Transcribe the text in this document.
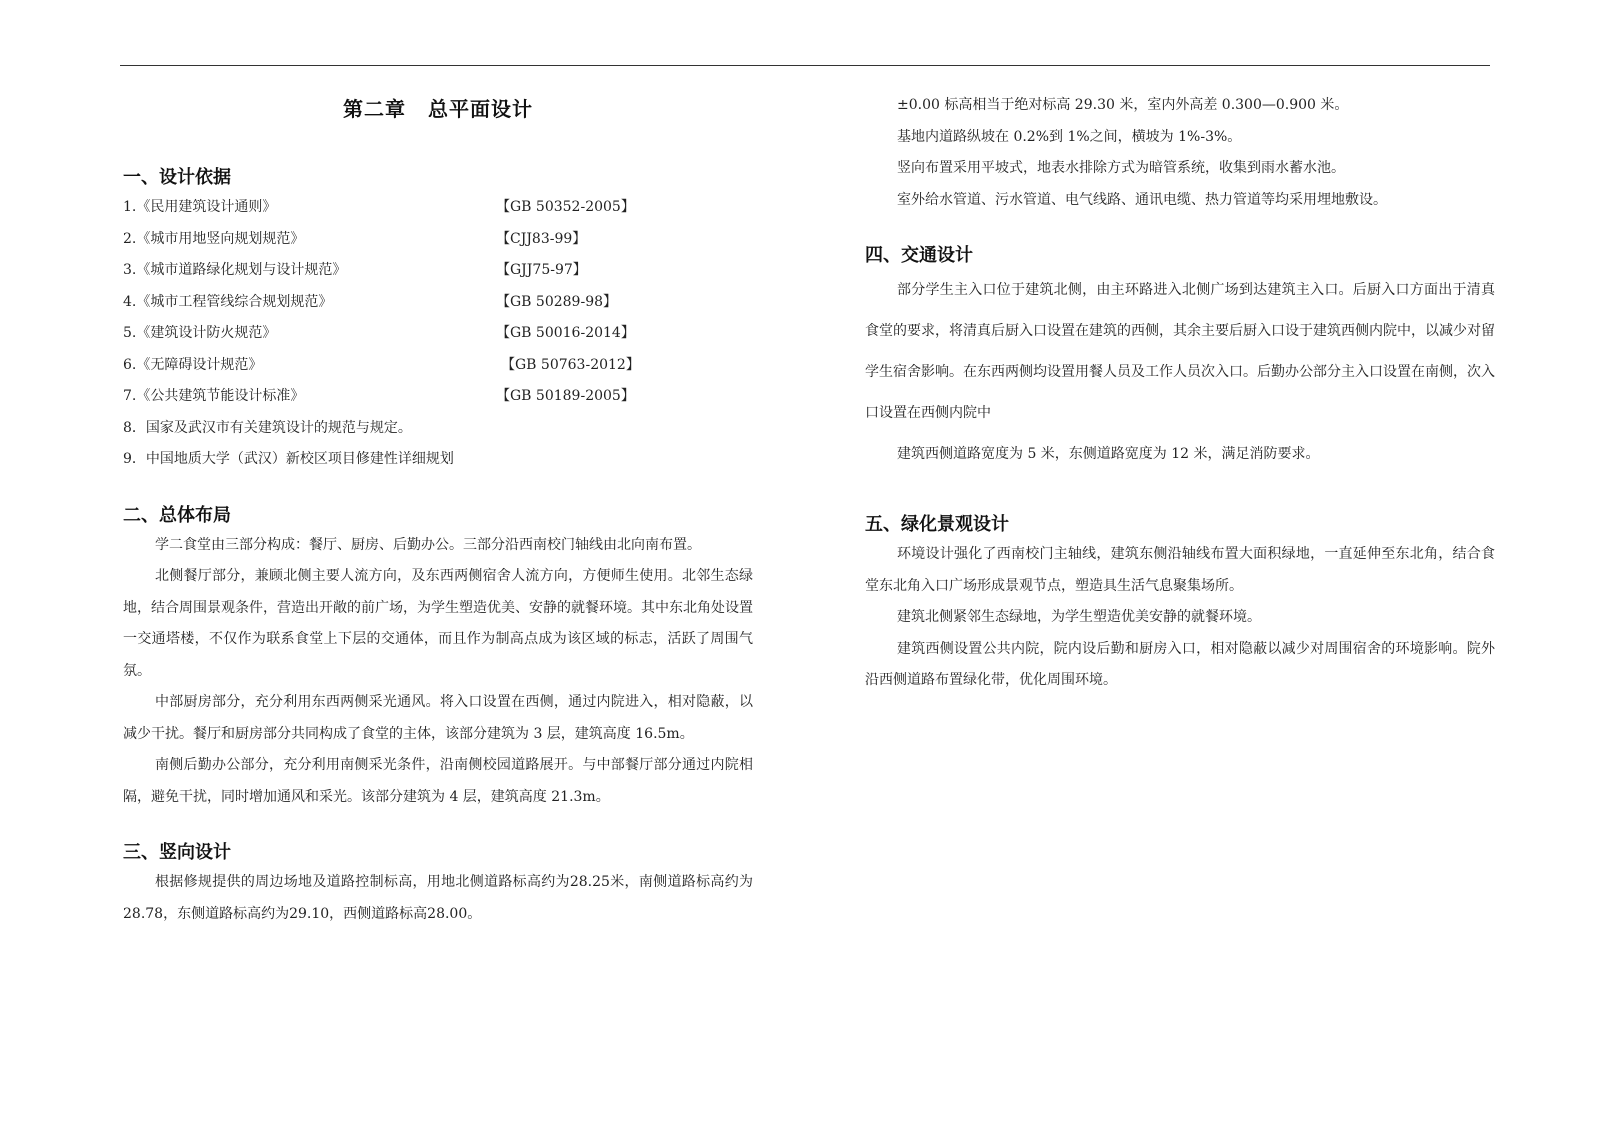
第二章 总平面设计
一、设计依据
1.《民用建筑设计通则》	【GB 50352-2005】
2.《城市用地竖向规划规范》	【CJJ83-99】
3.《城市道路绿化规划与设计规范》	【GJJ75-97】
4.《城市工程管线综合规划规范》	【GB 50289-98】
5.《建筑设计防火规范》	【GB 50016-2014】
6.《无障碍设计规范》	【GB 50763-2012】
7.《公共建筑节能设计标准》	【GB 50189-2005】
8．国家及武汉市有关建筑设计的规范与规定。
9．中国地质大学（武汉）新校区项目修建性详细规划
二、总体布局

学二食堂由三部分构成：餐厅、厨房、后勤办公。三部分沿西南校门轴线由北向南布置。

北侧餐厅部分，兼顾北侧主要人流方向，及东西两侧宿舍人流方向，方便师生使用。北邻生态绿地，结合周围景观条件，营造出开敞的前广场，为学生塑造优美、安静的就餐环境。其中东北角处设置一交通塔楼，不仅作为联系食堂上下层的交通体，而且作为制高点成为该区域的标志，活跃了周围气氛。

中部厨房部分，充分利用东西两侧采光通风。将入口设置在西侧，通过内院进入，相对隐蔽，以减少干扰。餐厅和厨房部分共同构成了食堂的主体，该部分建筑为 3 层，建筑高度 16.5m。

南侧后勤办公部分，充分利用南侧采光条件，沿南侧校园道路展开。与中部餐厅部分通过内院相隔，避免干扰，同时增加通风和采光。该部分建筑为 4 层，建筑高度 21.3m。

三、竖向设计

根据修规提供的周边场地及道路控制标高，用地北侧道路标高约为28.25米，南侧道路标高约为28.78，东侧道路标高约为29.10，西侧道路标高28.00。

±0.00 标高相当于绝对标高 29.30 米，室内外高差 0.300—0.900 米。

基地内道路纵坡在 0.2%到 1%之间，横坡为 1%-3%。

竖向布置采用平坡式，地表水排除方式为暗管系统，收集到雨水蓄水池。

室外给水管道、污水管道、电气线路、通讯电缆、热力管道等均采用埋地敷设。

四、交通设计

部分学生主入口位于建筑北侧，由主环路进入北侧广场到达建筑主入口。后厨入口方面出于清真食堂的要求，将清真后厨入口设置在建筑的西侧，其余主要后厨入口设于建筑西侧内院中，以减少对留学生宿舍影响。在东西两侧均设置用餐人员及工作人员次入口。后勤办公部分主入口设置在南侧，次入口设置在西侧内院中

建筑西侧道路宽度为 5 米，东侧道路宽度为 12 米，满足消防要求。

五、绿化景观设计

环境设计强化了西南校门主轴线，建筑东侧沿轴线布置大面积绿地，一直延伸至东北角，结合食堂东北角入口广场形成景观节点，塑造具生活气息聚集场所。

建筑北侧紧邻生态绿地，为学生塑造优美安静的就餐环境。

建筑西侧设置公共内院，院内设后勤和厨房入口，相对隐蔽以减少对周围宿舍的环境影响。院外沿西侧道路布置绿化带，优化周围环境。
